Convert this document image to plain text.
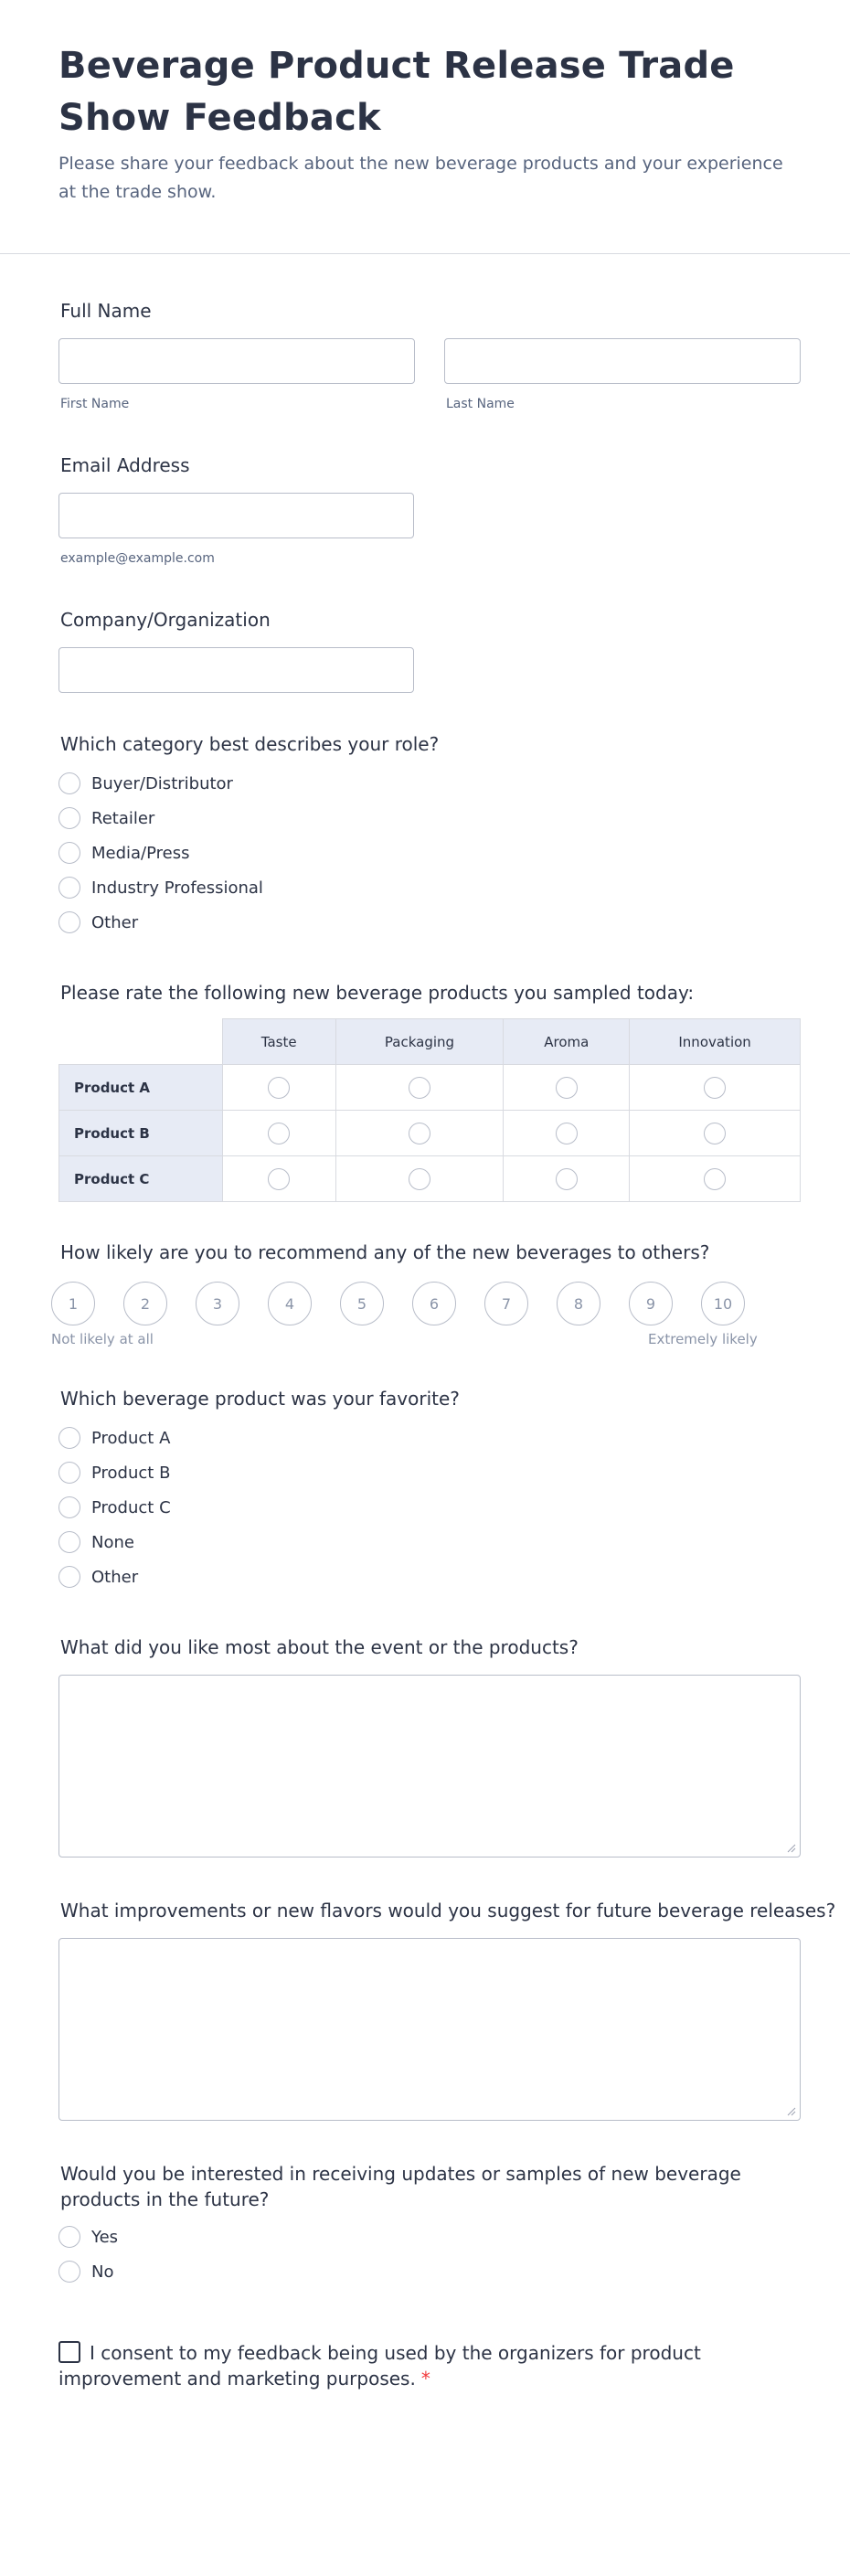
Beverage Product Release Trade Show Feedback

Please share your feedback about the new beverage products and your experience at the trade show.

Full Name
First Name	Last Name
Email Address
example@example.com
Company/Organization
Which category best describes your role?
Buyer/Distributor
Retailer
Media/Press
Industry Professional
Other
Please rate the following new beverage products you sampled today:
	Taste	Packaging	Aroma	Innovation
Product A				
Product B				
Product C				
How likely are you to recommend any of the new beverages to others?
1	2	3	4	5	6	7	8	9	10
Not likely at all	Extremely likely
Which beverage product was your favorite?
Product A
Product B
Product C
None
Other
What did you like most about the event or the products?
What improvements or new flavors would you suggest for future beverage releases?
Would you be interested in receiving updates or samples of new beverage products in the future?
Yes
No
I consent to my feedback being used by the organizers for product improvement and marketing purposes. *
